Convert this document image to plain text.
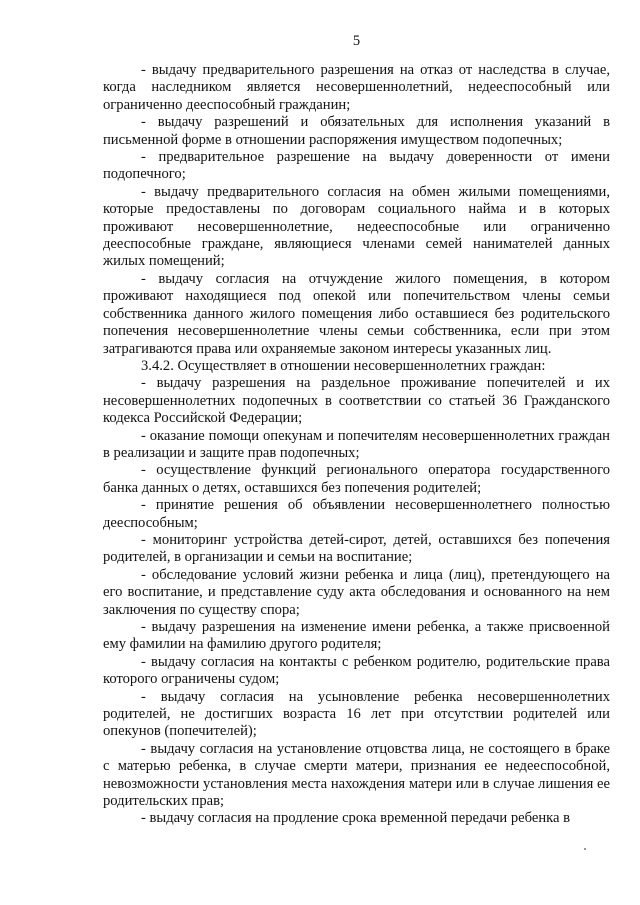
5

- выдачу предварительного разрешения на отказ от наследства в случае, когда наследником является несовершеннолетний, недееспособный или ограниченно дееспособный гражданин;

- выдачу разрешений и обязательных для исполнения указаний в письменной форме в отношении распоряжения имуществом подопечных;

- предварительное разрешение на выдачу доверенности от имени подопечного;

- выдачу предварительного согласия на обмен жилыми помещениями, которые предоставлены по договорам социального найма и в которых проживают несовершеннолетние, недееспособные или ограниченно дееспособные граждане, являющиеся членами семей нанимателей данных жилых помещений;

- выдачу согласия на отчуждение жилого помещения, в котором проживают находящиеся под опекой или попечительством члены семьи собственника данного жилого помещения либо оставшиеся без родительского попечения несовершеннолетние члены семьи собственника, если при этом затрагиваются права или охраняемые законом интересы указанных лиц.

3.4.2. Осуществляет в отношении несовершеннолетних граждан:

- выдачу разрешения на раздельное проживание попечителей и их несовершеннолетних подопечных в соответствии со статьей 36 Гражданского кодекса Российской Федерации;

- оказание помощи опекунам и попечителям несовершеннолетних граждан в реализации и защите прав подопечных;

- осуществление функций регионального оператора государственного банка данных о детях, оставшихся без попечения родителей;

- принятие решения об объявлении несовершеннолетнего полностью дееспособным;

- мониторинг устройства детей-сирот, детей, оставшихся без попечения родителей, в организации и семьи на воспитание;

- обследование условий жизни ребенка и лица (лиц), претендующего на его воспитание, и представление суду акта обследования и основанного на нем заключения по существу спора;

- выдачу разрешения на изменение имени ребенка, а также присвоенной ему фамилии на фамилию другого родителя;

- выдачу согласия на контакты с ребенком родителю, родительские права которого ограничены судом;

- выдачу согласия на усыновление ребенка несовершеннолетних родителей, не достигших возраста 16 лет при отсутствии родителей или опекунов (попечителей);

- выдачу согласия на установление отцовства лица, не состоящего в браке с матерью ребенка, в случае смерти матери, признания ее недееспособной, невозможности установления места нахождения матери или в случае лишения ее родительских прав;

- выдачу согласия на продление срока временной передачи ребенка в
